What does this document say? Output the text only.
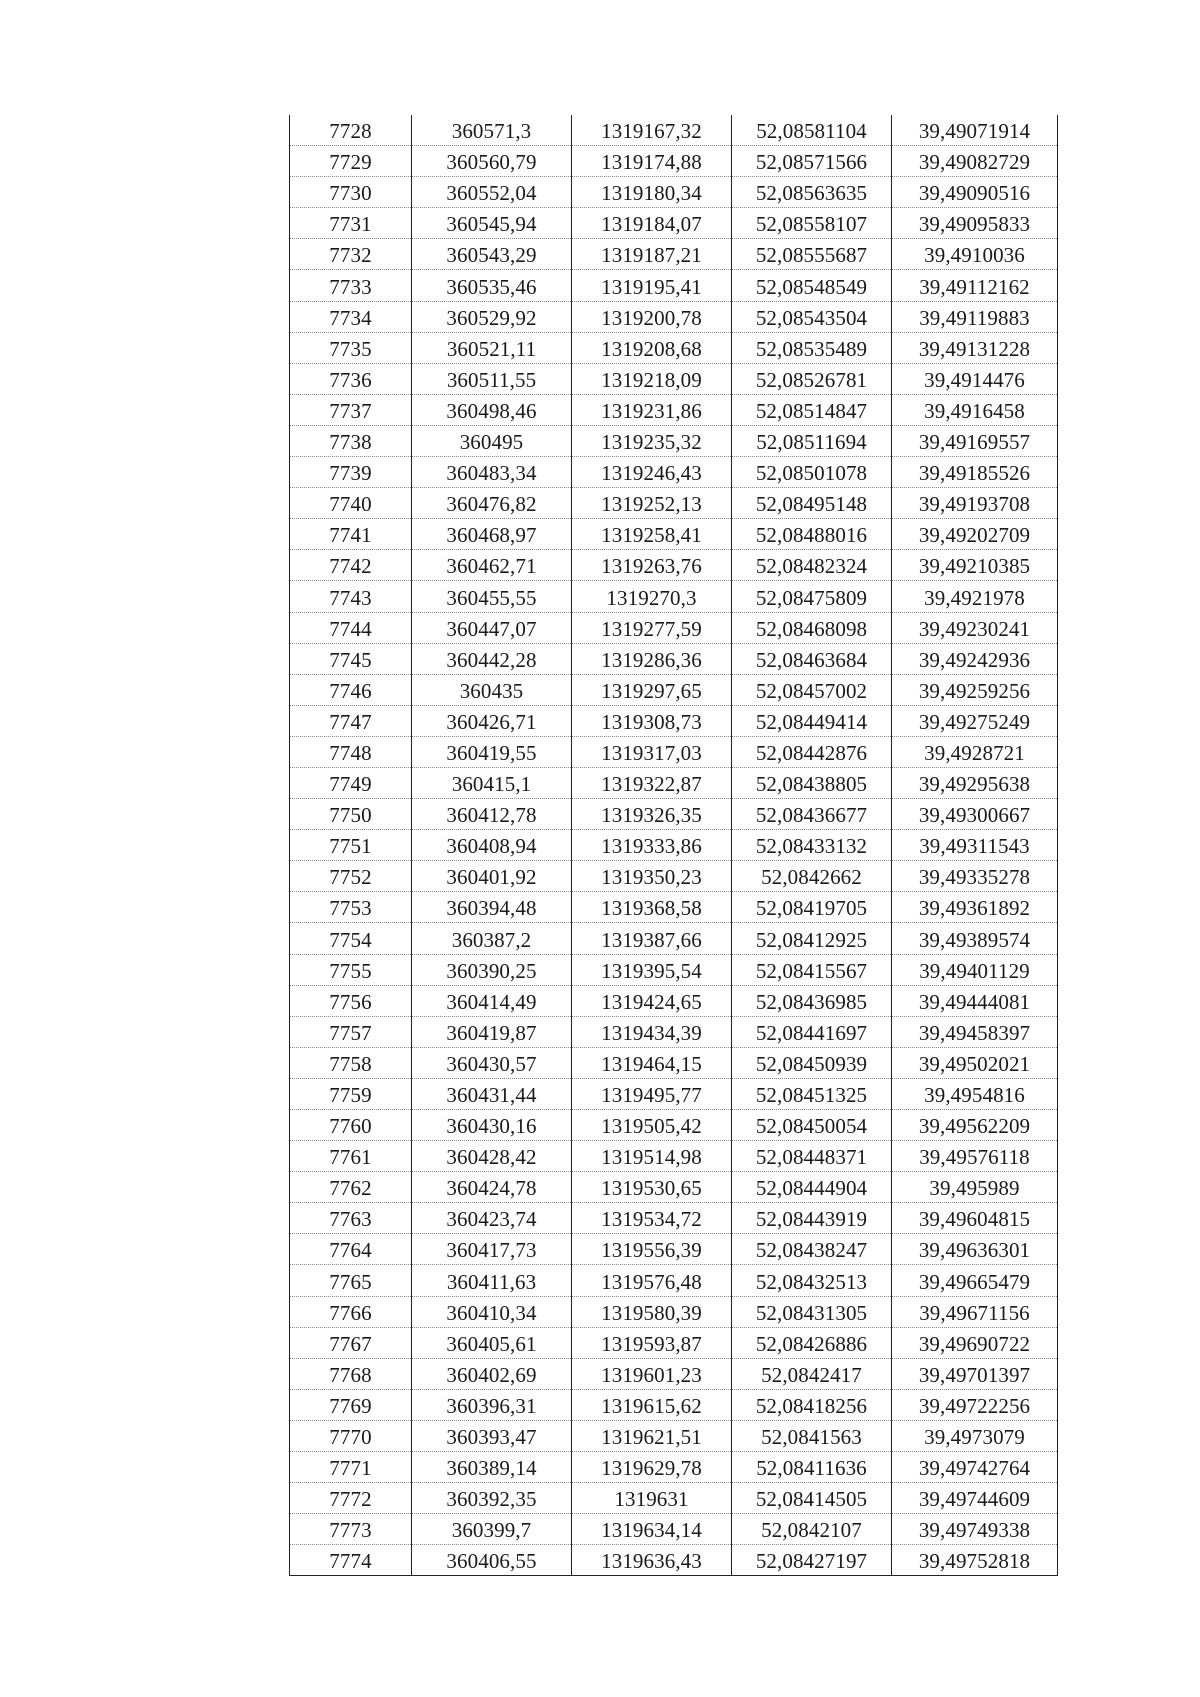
7728	360571,3	1319167,32	52,08581104	39,49071914
7729	360560,79	1319174,88	52,08571566	39,49082729
7730	360552,04	1319180,34	52,08563635	39,49090516
7731	360545,94	1319184,07	52,08558107	39,49095833
7732	360543,29	1319187,21	52,08555687	39,4910036
7733	360535,46	1319195,41	52,08548549	39,49112162
7734	360529,92	1319200,78	52,08543504	39,49119883
7735	360521,11	1319208,68	52,08535489	39,49131228
7736	360511,55	1319218,09	52,08526781	39,4914476
7737	360498,46	1319231,86	52,08514847	39,4916458
7738	360495	1319235,32	52,08511694	39,49169557
7739	360483,34	1319246,43	52,08501078	39,49185526
7740	360476,82	1319252,13	52,08495148	39,49193708
7741	360468,97	1319258,41	52,08488016	39,49202709
7742	360462,71	1319263,76	52,08482324	39,49210385
7743	360455,55	1319270,3	52,08475809	39,4921978
7744	360447,07	1319277,59	52,08468098	39,49230241
7745	360442,28	1319286,36	52,08463684	39,49242936
7746	360435	1319297,65	52,08457002	39,49259256
7747	360426,71	1319308,73	52,08449414	39,49275249
7748	360419,55	1319317,03	52,08442876	39,4928721
7749	360415,1	1319322,87	52,08438805	39,49295638
7750	360412,78	1319326,35	52,08436677	39,49300667
7751	360408,94	1319333,86	52,08433132	39,49311543
7752	360401,92	1319350,23	52,0842662	39,49335278
7753	360394,48	1319368,58	52,08419705	39,49361892
7754	360387,2	1319387,66	52,08412925	39,49389574
7755	360390,25	1319395,54	52,08415567	39,49401129
7756	360414,49	1319424,65	52,08436985	39,49444081
7757	360419,87	1319434,39	52,08441697	39,49458397
7758	360430,57	1319464,15	52,08450939	39,49502021
7759	360431,44	1319495,77	52,08451325	39,4954816
7760	360430,16	1319505,42	52,08450054	39,49562209
7761	360428,42	1319514,98	52,08448371	39,49576118
7762	360424,78	1319530,65	52,08444904	39,495989
7763	360423,74	1319534,72	52,08443919	39,49604815
7764	360417,73	1319556,39	52,08438247	39,49636301
7765	360411,63	1319576,48	52,08432513	39,49665479
7766	360410,34	1319580,39	52,08431305	39,49671156
7767	360405,61	1319593,87	52,08426886	39,49690722
7768	360402,69	1319601,23	52,0842417	39,49701397
7769	360396,31	1319615,62	52,08418256	39,49722256
7770	360393,47	1319621,51	52,0841563	39,4973079
7771	360389,14	1319629,78	52,08411636	39,49742764
7772	360392,35	1319631	52,08414505	39,49744609
7773	360399,7	1319634,14	52,0842107	39,49749338
7774	360406,55	1319636,43	52,08427197	39,49752818
